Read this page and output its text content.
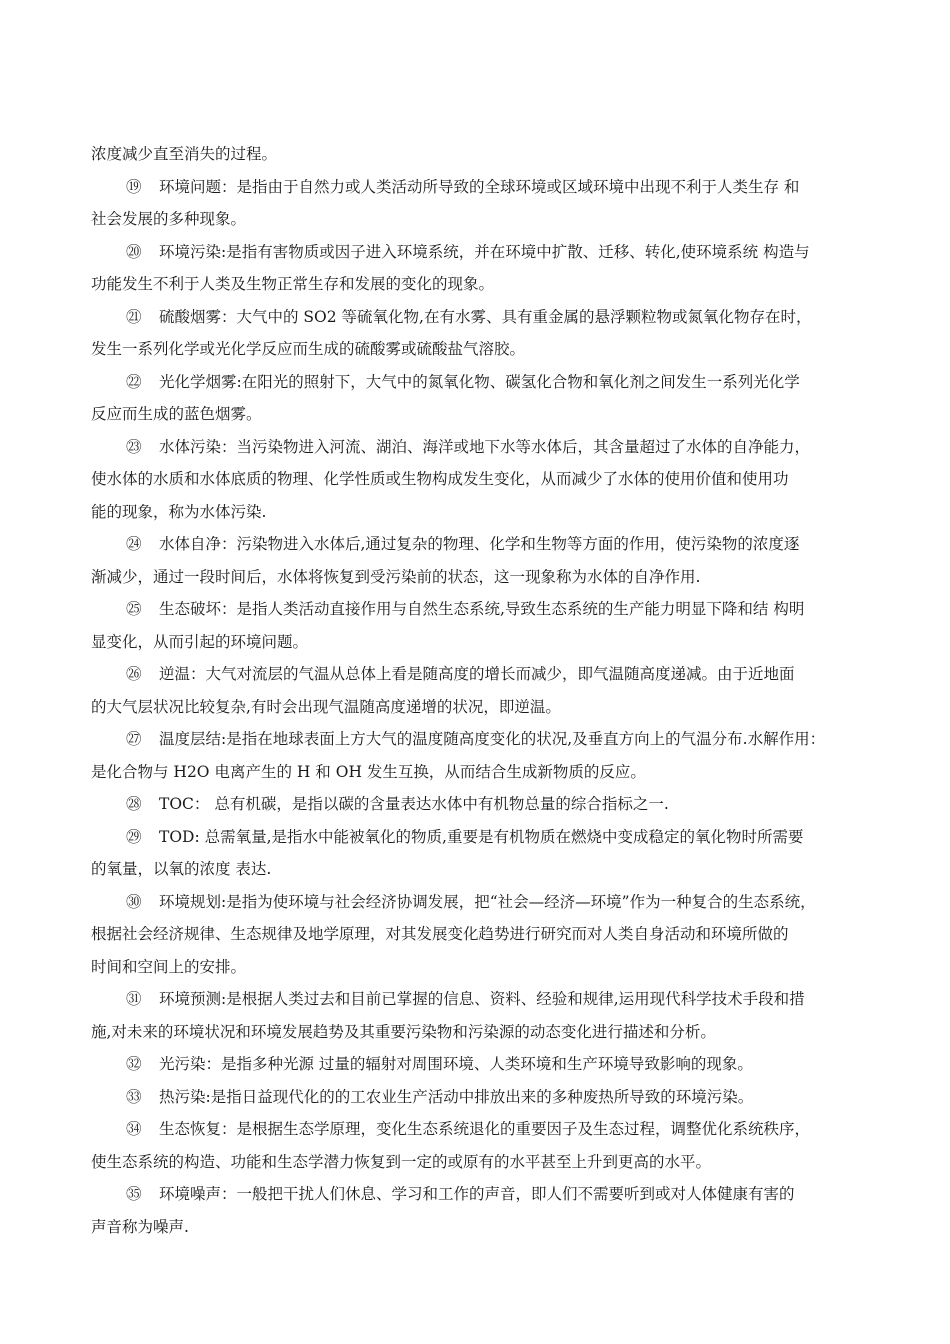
浓度减少直至消失的过程。
⑲ 环境问题：是指由于自然力或人类活动所导致的全球环境或区域环境中出现不利于人类生存 和
社会发展的多种现象。
⑳ 环境污染:是指有害物质或因子进入环境系统，并在环境中扩散、迁移、转化,使环境系统 构造与
功能发生不利于人类及生物正常生存和发展的变化的现象。
㉑ 硫酸烟雾：大气中的 SO2 等硫氧化物,在有水雾、具有重金属的悬浮颗粒物或氮氧化物存在时，
发生一系列化学或光化学反应而生成的硫酸雾或硫酸盐气溶胶。
㉒ 光化学烟雾:在阳光的照射下，大气中的氮氧化物、碳氢化合物和氧化剂之间发生一系列光化学
反应而生成的蓝色烟雾。
㉓ 水体污染：当污染物进入河流、湖泊、海洋或地下水等水体后，其含量超过了水体的自净能力，
使水体的水质和水体底质的物理、化学性质或生物构成发生变化，从而减少了水体的使用价值和使用功
能的现象，称为水体污染.
㉔ 水体自净：污染物进入水体后,通过复杂的物理、化学和生物等方面的作用，使污染物的浓度逐
渐减少，通过一段时间后，水体将恢复到受污染前的状态，这一现象称为水体的自净作用.
㉕ 生态破坏：是指人类活动直接作用与自然生态系统,导致生态系统的生产能力明显下降和结 构明
显变化，从而引起的环境问题。
㉖ 逆温：大气对流层的气温从总体上看是随高度的增长而减少，即气温随高度递减。由于近地面
的大气层状况比较复杂,有时会出现气温随高度递增的状况，即逆温。
㉗ 温度层结:是指在地球表面上方大气的温度随高度变化的状况,及垂直方向上的气温分布.水解作用：
是化合物与 H2O 电离产生的 H 和 OH 发生互换，从而结合生成新物质的反应。
㉘ TOC： 总有机碳，是指以碳的含量表达水体中有机物总量的综合指标之一.
㉙ TOD: 总需氧量,是指水中能被氧化的物质,重要是有机物质在燃烧中变成稳定的氧化物时所需要
的氧量，以氧的浓度 表达.
㉚ 环境规划:是指为使环境与社会经济协调发展，把“社会—经济—环境”作为一种复合的生态系统，
根据社会经济规律、生态规律及地学原理，对其发展变化趋势进行研究而对人类自身活动和环境所做的
时间和空间上的安排。
㉛ 环境预测:是根据人类过去和目前已掌握的信息、资料、经验和规律,运用现代科学技术手段和措
施,对未来的环境状况和环境发展趋势及其重要污染物和污染源的动态变化进行描述和分析。
㉜ 光污染：是指多种光源 过量的辐射对周围环境、人类环境和生产环境导致影响的现象。
㉝ 热污染:是指日益现代化的的工农业生产活动中排放出来的多种废热所导致的环境污染。
㉞ 生态恢复：是根据生态学原理，变化生态系统退化的重要因子及生态过程，调整优化系统秩序，
使生态系统的构造、功能和生态学潜力恢复到一定的或原有的水平甚至上升到更高的水平。
㉟ 环境噪声：一般把干扰人们休息、学习和工作的声音，即人们不需要听到或对人体健康有害的
声音称为噪声.
